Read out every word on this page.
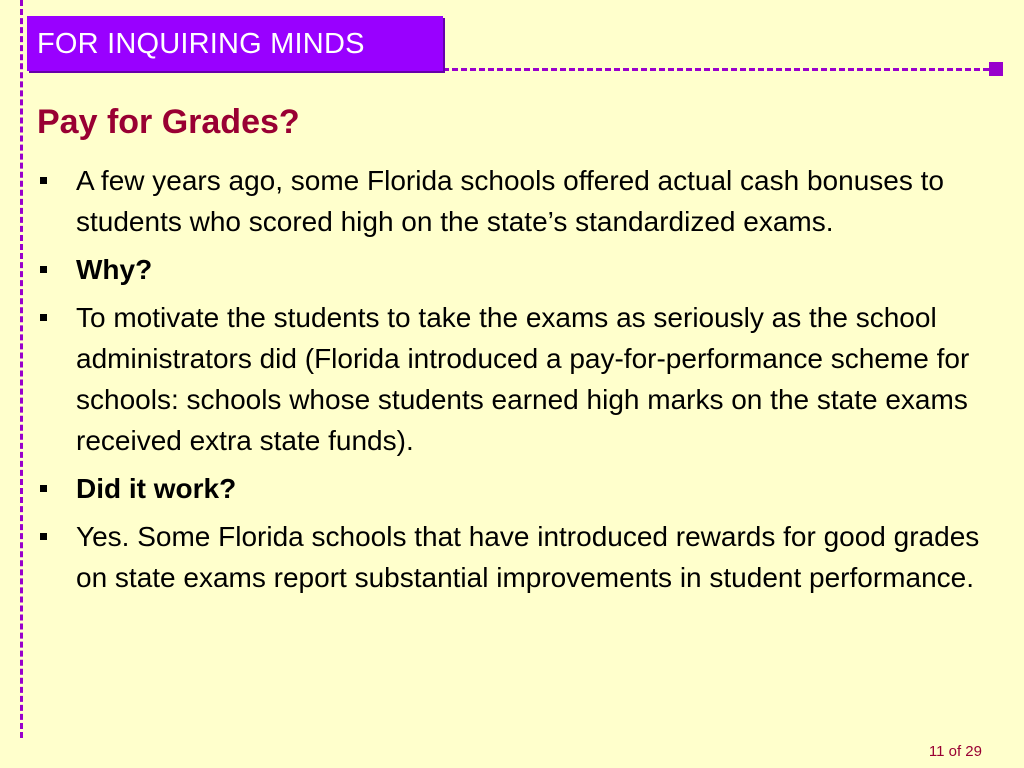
FOR INQUIRING MINDS
Pay for Grades?
A few years ago, some Florida schools offered actual cash bonuses to students who scored high on the state’s standardized exams.
Why?
To motivate the students to take the exams as seriously as the school administrators did (Florida introduced a pay-for-performance scheme for schools: schools whose students earned high marks on the state exams received extra state funds).
Did it work?
Yes. Some Florida schools that have introduced rewards for good grades on state exams report substantial improvements in student performance.
11 of 29
